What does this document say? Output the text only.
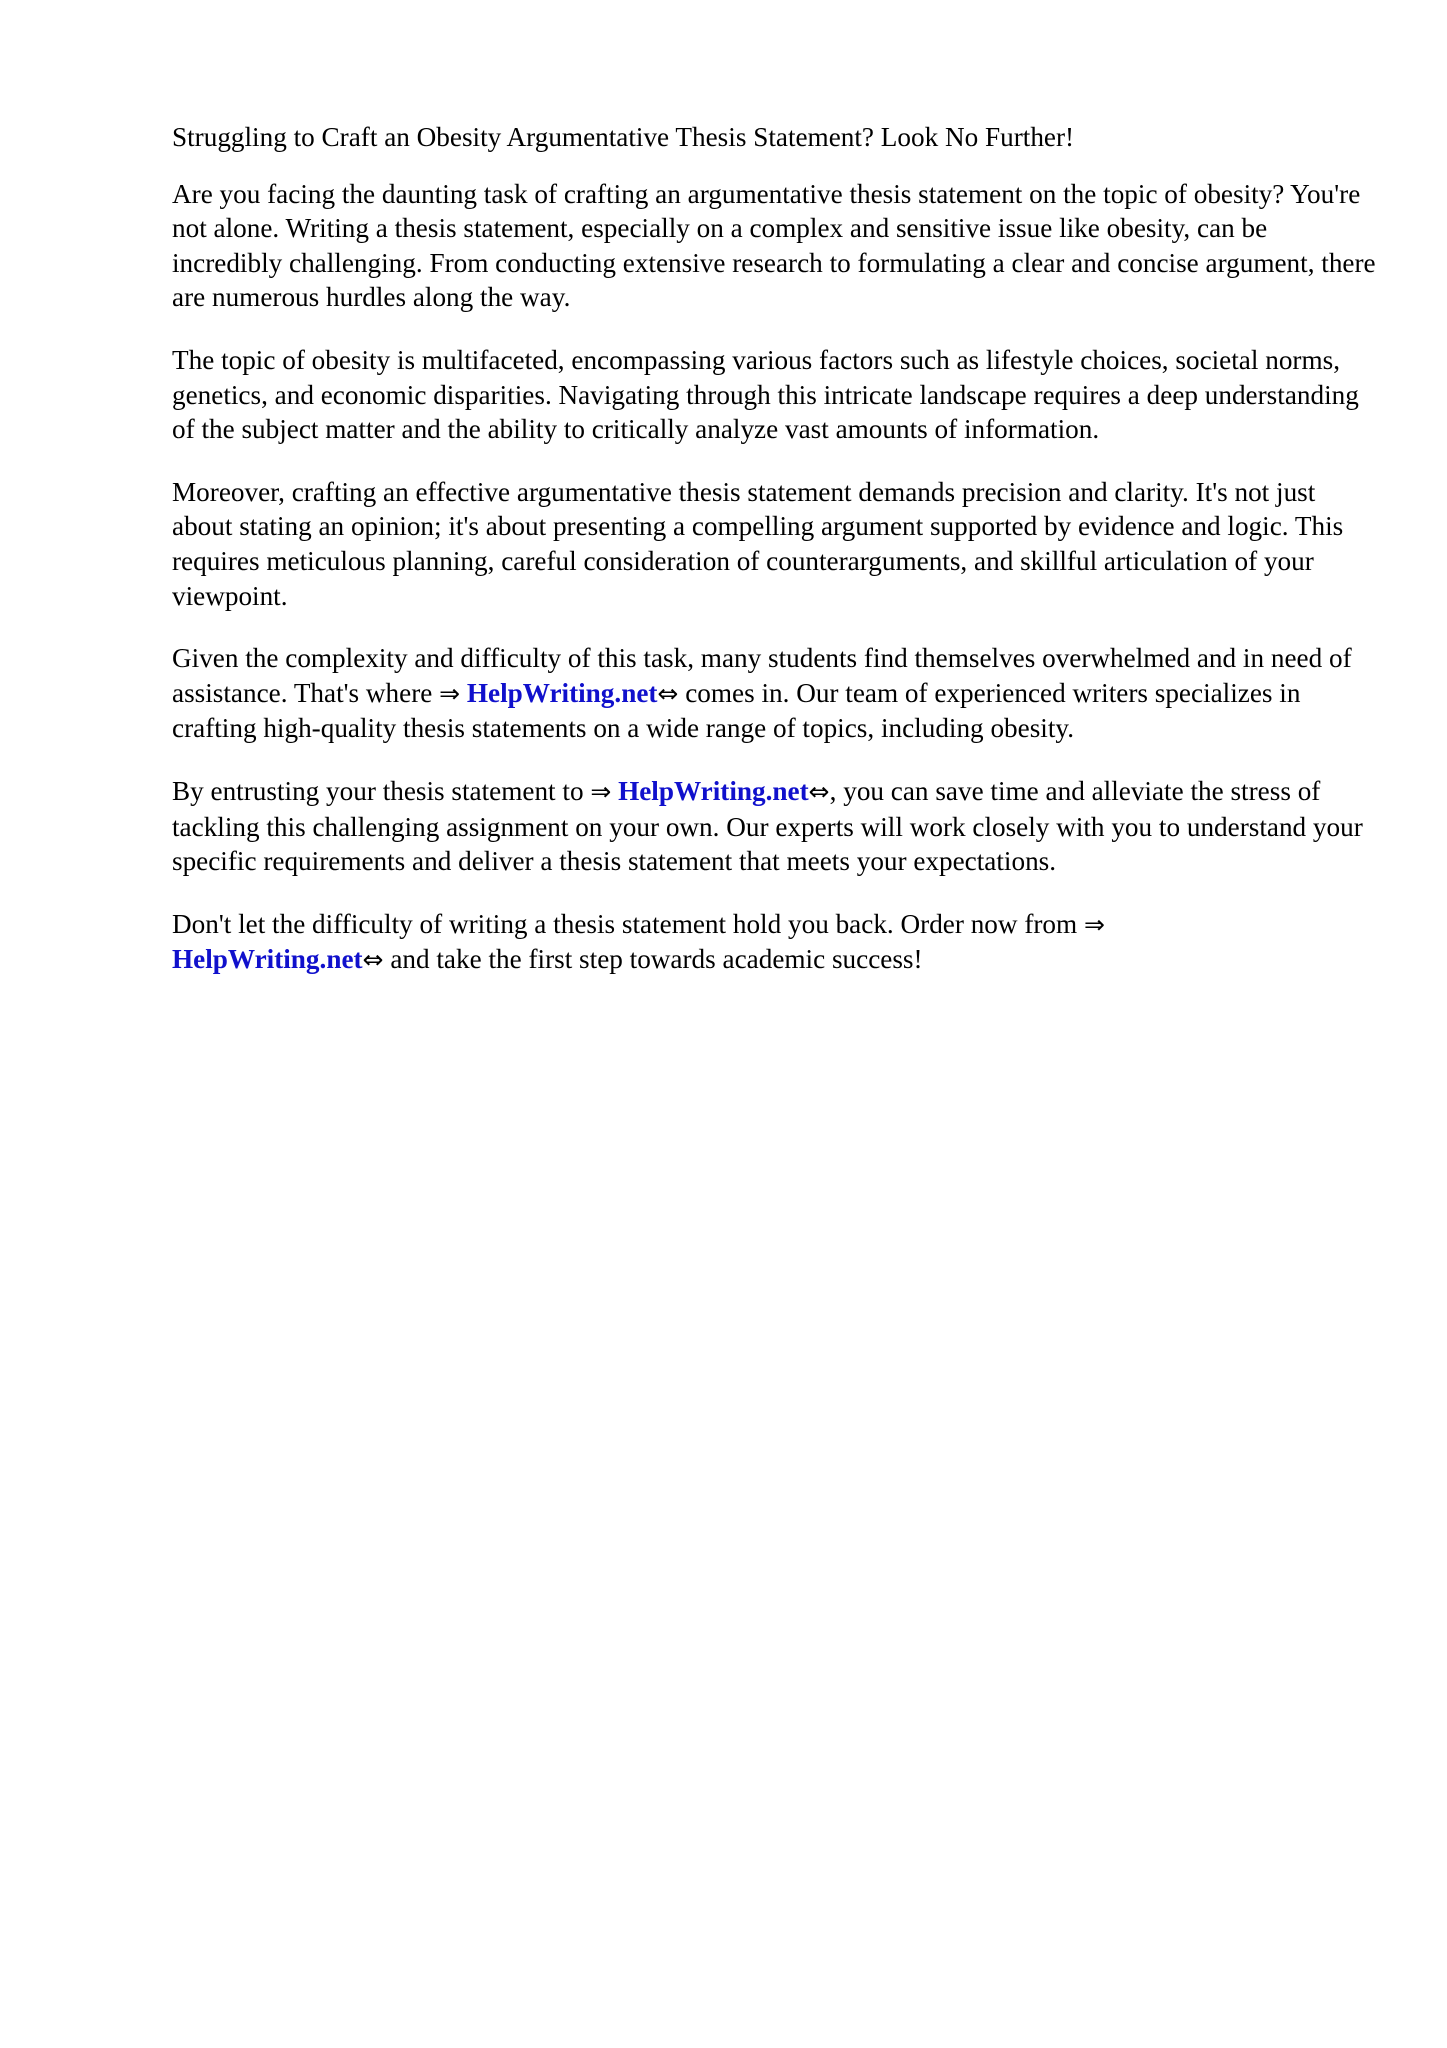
Struggling to Craft an Obesity Argumentative Thesis Statement? Look No Further!

Are you facing the daunting task of crafting an argumentative thesis statement on the topic of obesity? You're not alone. Writing a thesis statement, especially on a complex and sensitive issue like obesity, can be incredibly challenging. From conducting extensive research to formulating a clear and concise argument, there are numerous hurdles along the way.

The topic of obesity is multifaceted, encompassing various factors such as lifestyle choices, societal norms, genetics, and economic disparities. Navigating through this intricate landscape requires a deep understanding of the subject matter and the ability to critically analyze vast amounts of information.

Moreover, crafting an effective argumentative thesis statement demands precision and clarity. It's not just about stating an opinion; it's about presenting a compelling argument supported by evidence and logic. This requires meticulous planning, careful consideration of counterarguments, and skillful articulation of your viewpoint.

Given the complexity and difficulty of this task, many students find themselves overwhelmed and in need of assistance. That's where ⇒ HelpWriting.net⇔ comes in. Our team of experienced writers specializes in crafting high-quality thesis statements on a wide range of topics, including obesity.

By entrusting your thesis statement to ⇒ HelpWriting.net⇔, you can save time and alleviate the stress of tackling this challenging assignment on your own. Our experts will work closely with you to understand your specific requirements and deliver a thesis statement that meets your expectations.

Don't let the difficulty of writing a thesis statement hold you back. Order now from ⇒
HelpWriting.net⇔ and take the first step towards academic success!
